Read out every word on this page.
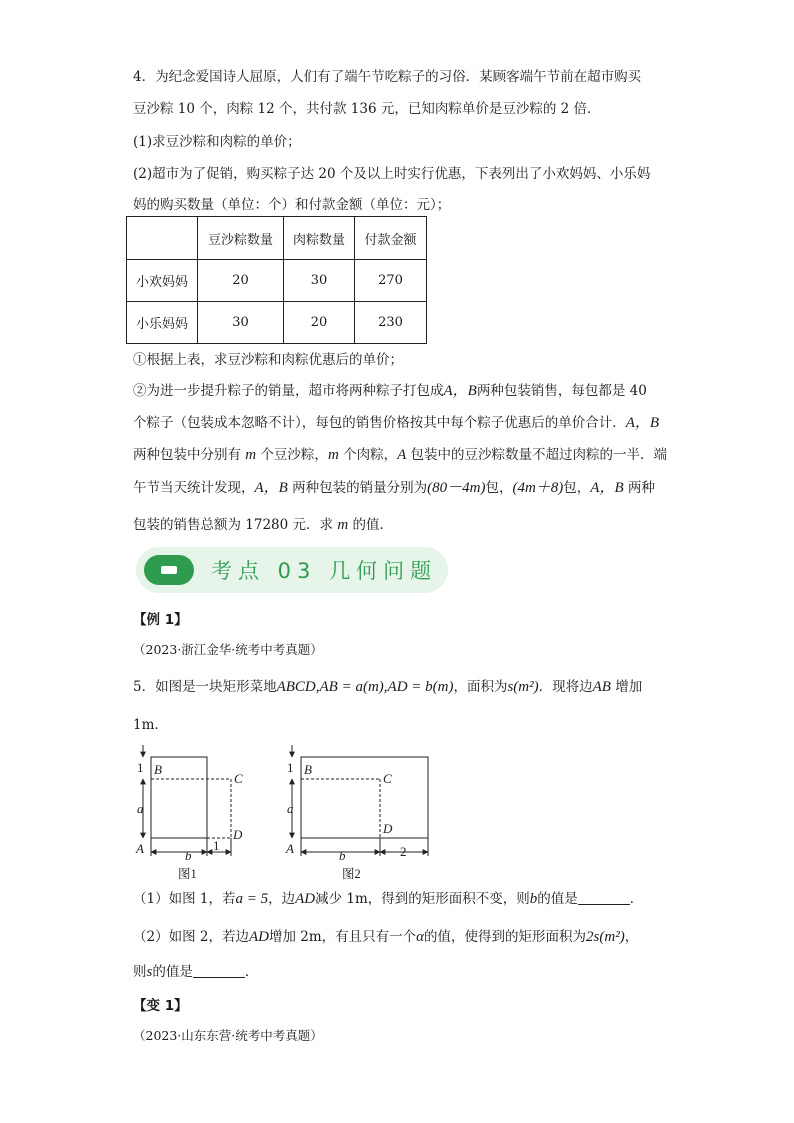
4．为纪念爱国诗人屈原，人们有了端午节吃粽子的习俗．某顾客端午节前在超市购买
豆沙粽 10 个，肉粽 12 个，共付款 136 元，已知肉粽单价是豆沙粽的 2 倍．
(1)求豆沙粽和肉粽的单价；
(2)超市为了促销，购买粽子达 20 个及以上时实行优惠，下表列出了小欢妈妈、小乐妈
妈的购买数量（单位：个）和付款金额（单位：元）；
	豆沙粽数量	肉粽数量	付款金额
小欢妈妈	20	30	270
小乐妈妈	30	20	230
①根据上表，求豆沙粽和肉粽优惠后的单价；
②为进一步提升粽子的销量，超市将两种粽子打包成A，B两种包装销售，每包都是 40
个粽子（包装成本忽略不计），每包的销售价格按其中每个粽子优惠后的单价合计．A，B
两种包装中分别有 m 个豆沙粽，m 个肉粽，A 包装中的豆沙粽数量不超过肉粽的一半．端
午节当天统计发现，A，B 两种包装的销量分别为(80－4m)包，(4m＋8)包，A，B 两种
包装的销售总额为 17280 元．求 m 的值．
考点 03 几何问题
【例 1】
（2023·浙江金华·统考中考真题）
5．如图是一块矩形菜地ABCD,AB = a(m),AD = b(m)，面积为s(m²)．现将边AB 增加
1m．
1
a
B
C
D
A	b
1
图1
1
a
B
C
D
A	b	2
图2
（1）如图 1，若a = 5，边AD减少 1m，得到的矩形面积不变，则b的值是	．
（2）如图 2，若边AD增加 2m，有且只有一个α的值，使得到的矩形面积为2s(m²)，
则s的值是	．
【变 1】
（2023·山东东营·统考中考真题）
